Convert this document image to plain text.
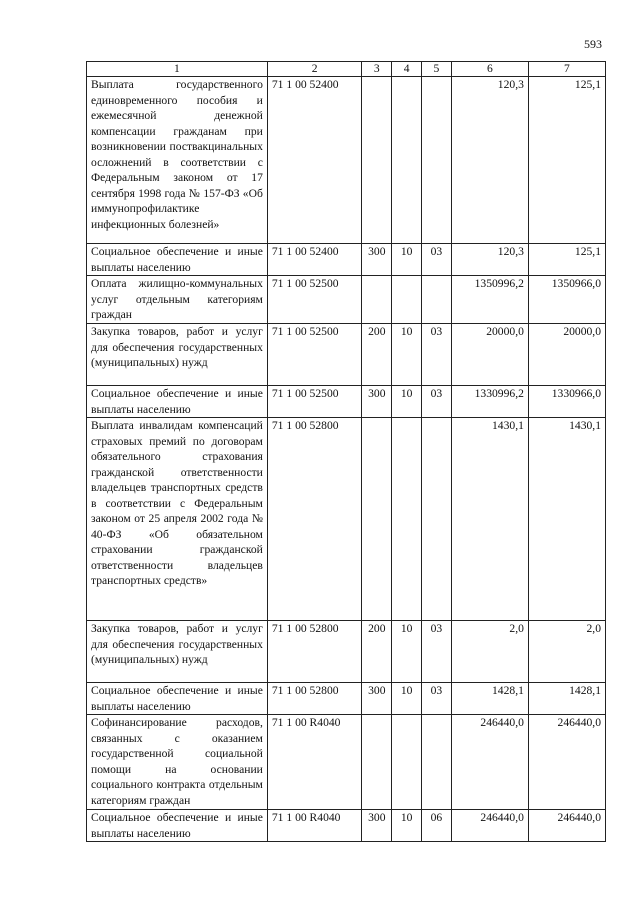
593
1	2	3	4	5	6	7
Выплата государственного единовременного пособия и ежемесячной денежной компенсации гражданам при возникновении поствакцинальных осложнений в соответствии с Федеральным законом от 17 сентября 1998 года № 157-ФЗ «Об иммунопрофилактике инфекционных болезней»	71 1 00 52400				120,3	125,1
Социальное обеспечение и иные выплаты населению	71 1 00 52400	300	10	03	120,3	125,1
Оплата жилищно-коммунальных услуг отдельным категориям граждан	71 1 00 52500				1350996,2	1350966,0
Закупка товаров, работ и услуг для обеспечения государственных (муниципальных) нужд	71 1 00 52500	200	10	03	20000,0	20000,0
Социальное обеспечение и иные выплаты населению	71 1 00 52500	300	10	03	1330996,2	1330966,0
Выплата инвалидам компенсаций страховых премий по договорам обязательного страхования гражданской ответственности владельцев транспортных средств в соответствии с Федеральным законом от 25 апреля 2002 года № 40-ФЗ «Об обязательном страховании гражданской ответственности владельцев транспортных средств»	71 1 00 52800				1430,1	1430,1
Закупка товаров, работ и услуг для обеспечения государственных (муниципальных) нужд	71 1 00 52800	200	10	03	2,0	2,0
Социальное обеспечение и иные выплаты населению	71 1 00 52800	300	10	03	1428,1	1428,1
Софинансирование расходов, связанных с оказанием государственной социальной помощи на основании социального контракта отдельным категориям граждан	71 1 00 R4040				246440,0	246440,0
Социальное обеспечение и иные выплаты населению	71 1 00 R4040	300	10	06	246440,0	246440,0
